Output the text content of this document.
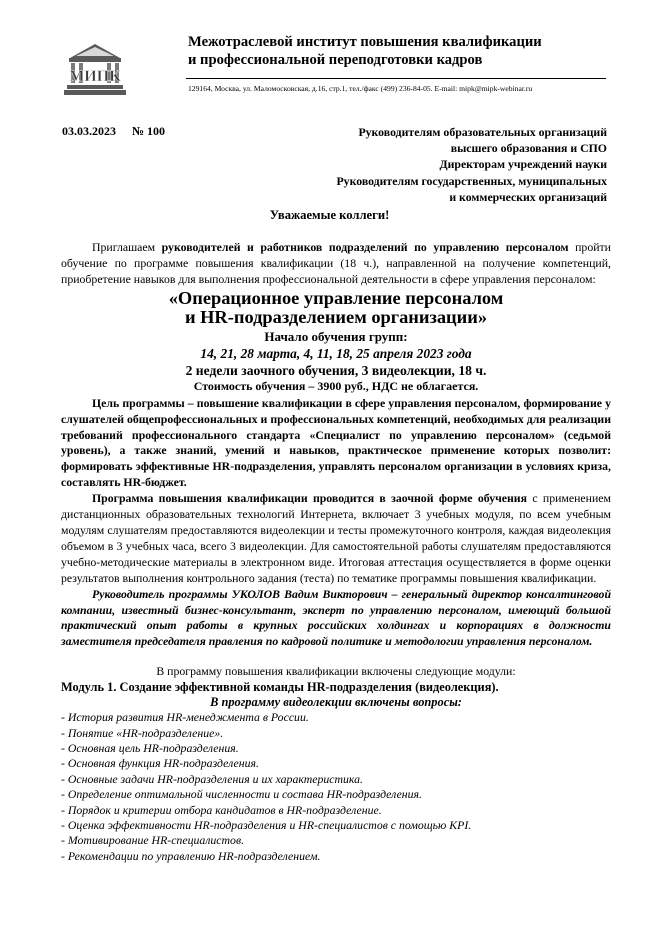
МИПК
Межотраслевой институт повышения квалификации
и профессиональной переподготовки кадров
129164, Москва, ул. Маломосковская, д.16, стр.1, тел./факс (499) 236-84-05. E-mail: mipk@mipk-webinar.ru
03.03.2023 № 100	Руководителям образовательных организаций
высшего образования и СПО
Директорам учреждений науки
Руководителям государственных, муниципальных
и коммерческих организаций
Уважаемые коллеги!

Приглашаем руководителей и работников подразделений по управлению персоналом пройти обучение по программе повышения квалификации (18 ч.), направленной на получение компетенций, приобретение навыков для выполнения профессиональной деятельности в сфере управления персоналом:

«Операционное управление персоналом
и HR-подразделением организации»
Начало обучения групп:
14, 21, 28 марта, 4, 11, 18, 25 апреля 2023 года
2 недели заочного обучения, 3 видеолекции, 18 ч.
Стоимость обучения – 3900 руб., НДС не облагается.

Цель программы – повышение квалификации в сфере управления персоналом, формирование у слушателей общепрофессиональных и профессиональных компетенций, необходимых для реализации требований профессионального стандарта «Специалист по управлению персоналом» (седьмой уровень), а также знаний, умений и навыков, практическое применение которых позволит: формировать эффективные HR-подразделения, управлять персоналом организации в условиях криза, составлять HR-бюджет.

Программа повышения квалификации проводится в заочной форме обучения с применением дистанционных образовательных технологий Интернета, включает 3 учебных модуля, по всем учебным модулям слушателям предоставляются видеолекции и тесты промежуточного контроля, каждая видеолекция объемом в 3 учебных часа, всего 3 видеолекции. Для самостоятельной работы слушателям предоставляются учебно-методические материалы в электронном виде. Итоговая аттестация осуществляется в форме оценки результатов выполнения контрольного задания (теста) по тематике программы повышения квалификации.

Руководитель программы УКОЛОВ Вадим Викторович – генеральный директор консалтинговой компании, известный бизнес-консультант, эксперт по управлению персоналом, имеющий большой практический опыт работы в крупных российских холдингах и корпорациях в должности заместителя председателя правления по кадровой политике и методологии управления персоналом.

В программу повышения квалификации включены следующие модули:

Модуль 1. Создание эффективной команды HR-подразделения (видеолекция).
В программу видеолекции включены вопросы:
- История развития HR-менеджмента в России.
- Понятие «HR-подразделение».
- Основная цель HR-подразделения.
- Основная функция HR-подразделения.
- Основные задачи HR-подразделения и их характеристика.
- Определение оптимальной численности и состава HR-подразделения.
- Порядок и критерии отбора кандидатов в HR-подразделение.
- Оценка эффективности HR-подразделения и HR-специалистов с помощью KPI.
- Мотивирование HR-специалистов.
- Рекомендации по управлению HR-подразделением.
